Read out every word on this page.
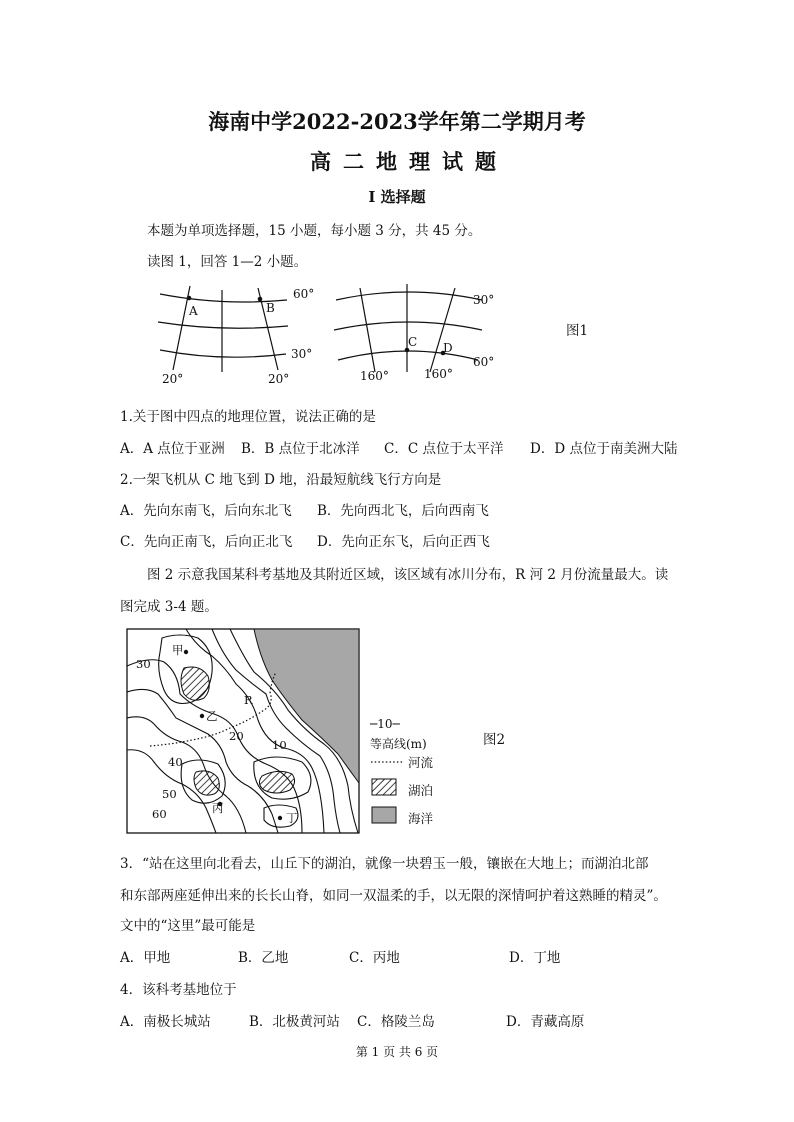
海南中学2022-2023学年第二学期月考
高二地理试题
Ⅰ 选择题
本题为单项选择题，15 小题，每小题 3 分，共 45 分。
读图 1，回答 1—2 小题。
A	B
60°
30°
20°	20°
30°
60°
C D
160°	160°
图1
1.关于图中四点的地理位置，说法正确的是
A．A 点位于亚洲 B．B 点位于北冰洋 C．C 点位于太平洋 D．D 点位于南美洲大陆
2.一架飞机从 C 地飞到 D 地，沿最短航线飞行方向是
A．先向东南飞，后向东北飞 B．先向西北飞，后向西南飞
C．先向正南飞，后向正北飞 D．先向正东飞，后向正西飞
图 2 示意我国某科考基地及其附近区域，该区域有冰川分布，R 河 2 月份流量最大。读
图完成 3-4 题。
甲
乙
丙
丁
R
10
20
30
40
50
60
─10─
等高线(m)
河流
湖泊
海洋
图2
3．“站在这里向北看去，山丘下的湖泊，就像一块碧玉一般，镶嵌在大地上；而湖泊北部
和东部两座延伸出来的长长山脊，如同一双温柔的手，以无限的深情呵护着这熟睡的精灵”。
文中的“这里”最可能是
A．甲地	B．乙地	C．丙地	D．丁地
4．该科考基地位于
A．南极长城站	B．北极黄河站 C．格陵兰岛	D．青藏高原
第 1 页 共 6 页
